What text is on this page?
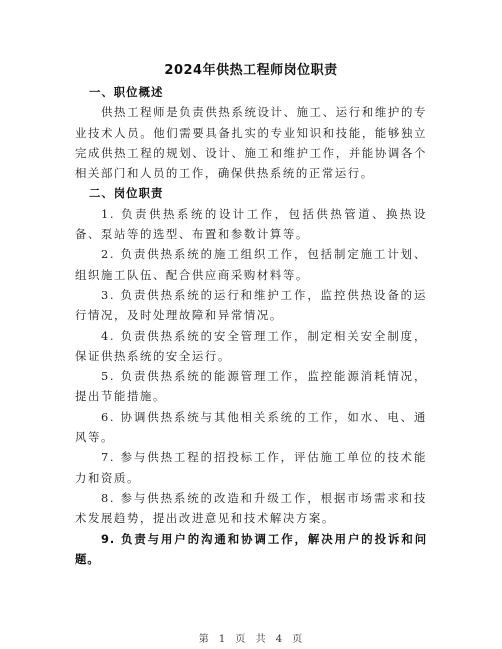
2024年供热工程师岗位职责
一、职位概述

供热工程师是负责供热系统设计、施工、运行和维护的专业技术人员。他们需要具备扎实的专业知识和技能，能够独立完成供热工程的规划、设计、施工和维护工作，并能协调各个相关部门和人员的工作，确保供热系统的正常运行。

二、岗位职责

1. 负责供热系统的设计工作，包括供热管道、换热设备、泵站等的选型、布置和参数计算等。

2. 负责供热系统的施工组织工作，包括制定施工计划、组织施工队伍、配合供应商采购材料等。

3. 负责供热系统的运行和维护工作，监控供热设备的运行情况，及时处理故障和异常情况。

4. 负责供热系统的安全管理工作，制定相关安全制度，保证供热系统的安全运行。

5. 负责供热系统的能源管理工作，监控能源消耗情况，提出节能措施。

6. 协调供热系统与其他相关系统的工作，如水、电、通风等。

7. 参与供热工程的招投标工作，评估施工单位的技术能力和资质。

8. 参与供热系统的改造和升级工作，根据市场需求和技术发展趋势，提出改进意见和技术解决方案。

9. 负责与用户的沟通和协调工作，解决用户的投诉和问题。

第 1 页 共 4 页
